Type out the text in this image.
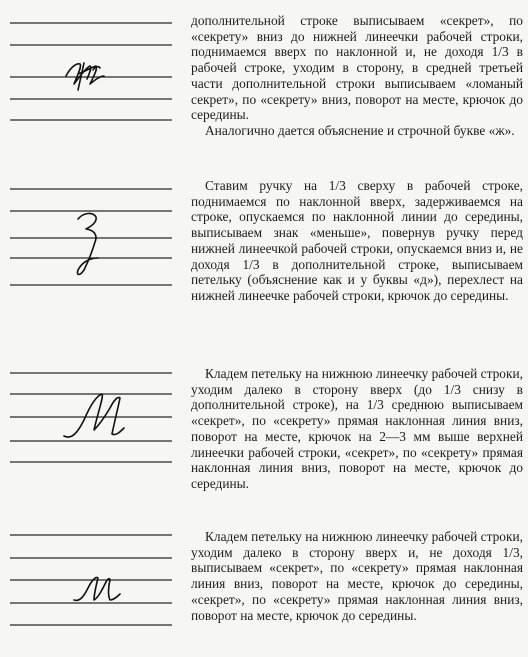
дополнительной строке выписываем «секрет», по «секрету» вниз до нижней линеечки рабочей строки, поднимаемся вверх по наклонной и, не доходя 1/3 в рабочей строке, уходим в сторону, в средней третьей части дополнительной строки выписываем «ломаный секрет», по «секрету» вниз, поворот на месте, крючок до середины.

Аналогично дается объяснение и строчной букве «ж».

Ставим ручку на 1/3 сверху в рабочей строке, поднимаемся по наклонной вверх, задерживаемся на строке, опускаемся по наклонной линии до середины, выписываем знак «меньше», повернув ручку перед нижней линеечкой рабочей строки, опускаемся вниз и, не доходя 1/3 в дополнительной строке, выписываем петельку (объяснение как и у буквы «д»), перехлест на нижней линеечке рабочей строки, крючок до середины.

Кладем петельку на нижнюю линеечку рабочей строки, уходим далеко в сторону вверх (до 1/3 снизу в дополнительной строке), на 1/3 среднюю выписываем «секрет», по «секрету» прямая наклонная линия вниз, поворот на месте, крючок на 2—3 мм выше верхней линеечки рабочей строки, «секрет», по «секрету» прямая наклонная линия вниз, поворот на месте, крючок до середины.

Кладем петельку на нижнюю линеечку рабочей строки, уходим далеко в сторону вверх и, не доходя 1/3, выписываем «секрет», по «секрету» прямая наклонная линия вниз, поворот на месте, крючок до середины, «секрет», по «секрету» прямая наклонная линия вниз, поворот на месте, крючок до середины.
